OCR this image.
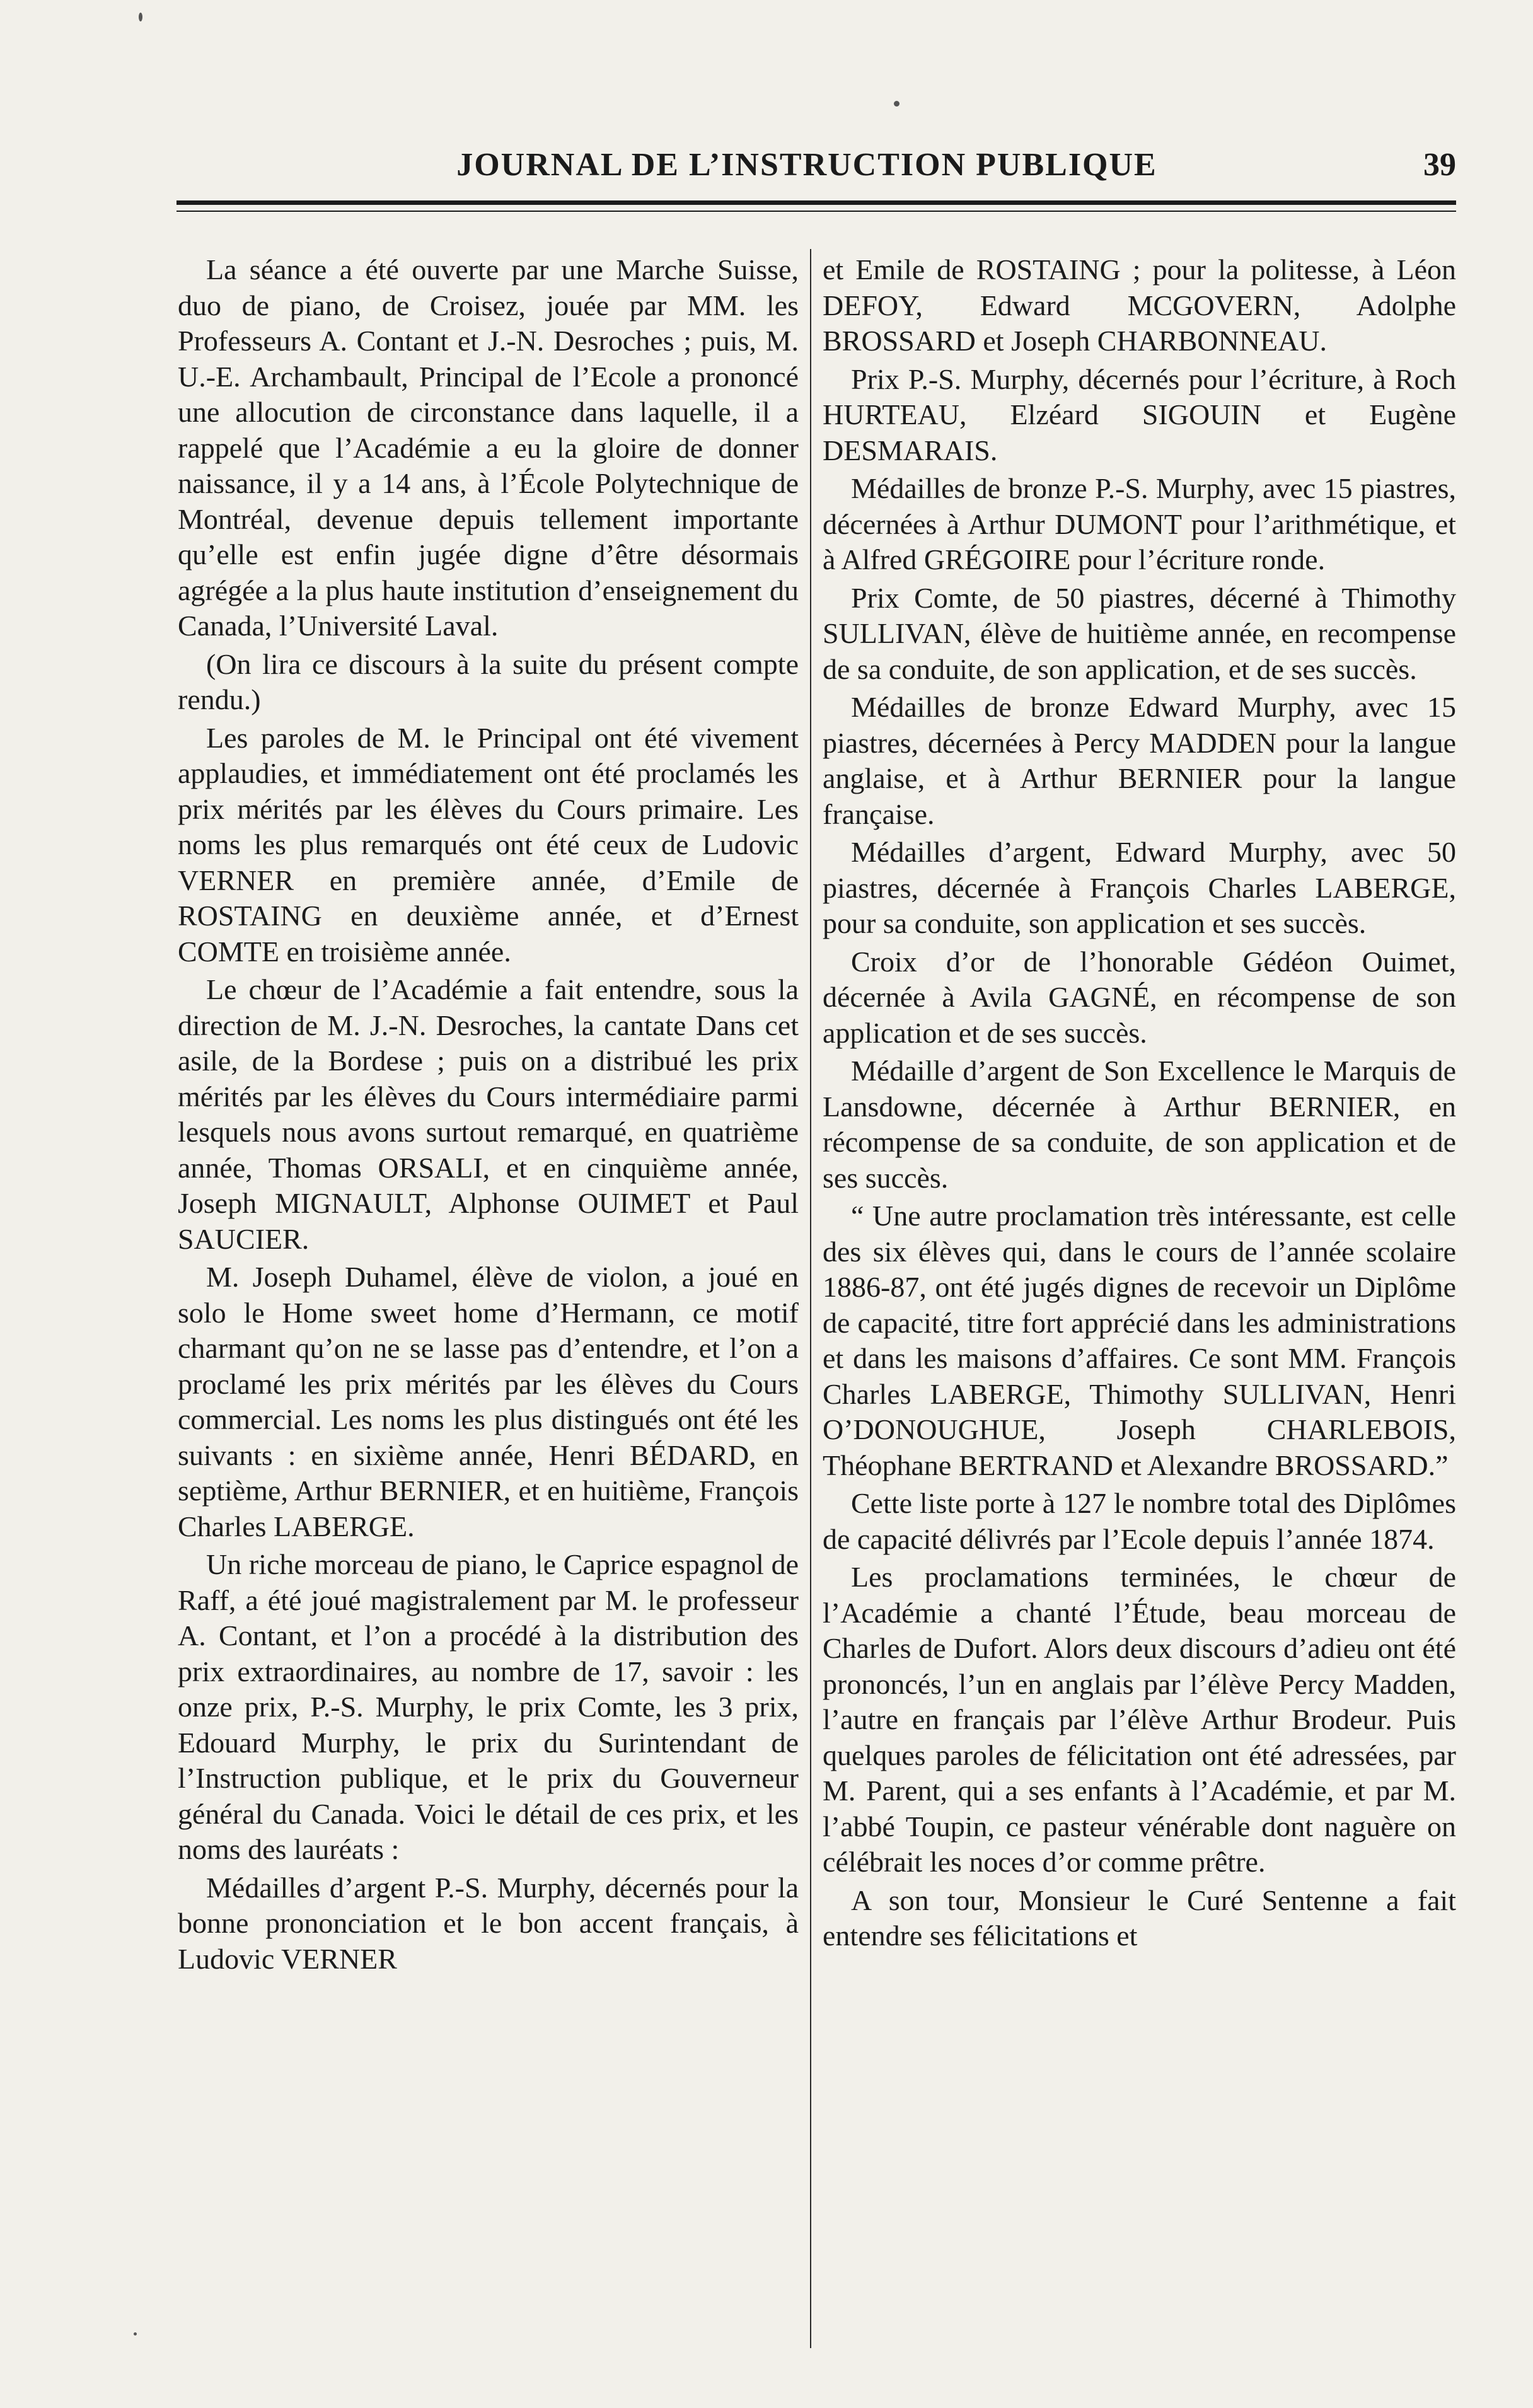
JOURNAL DE L’INSTRUCTION PUBLIQUE	39

La séance a été ouverte par une Marche Suisse, duo de piano, de Croisez, jouée par MM. les Professeurs A. Contant et J.-N. Desroches ; puis, M. U.-E. Archambault, Principal de l’Ecole a prononcé une allocution de circonstance dans laquelle, il a rappelé que l’Académie a eu la gloire de donner naissance, il y a 14 ans, à l’École Polytechnique de Montréal, devenue depuis tellement importante qu’elle est enfin jugée digne d’être désormais agrégée a la plus haute institution d’enseignement du Canada, l’Université Laval.

(On lira ce discours à la suite du présent compte rendu.)

Les paroles de M. le Principal ont été vivement applaudies, et immédiatement ont été proclamés les prix mérités par les élèves du Cours primaire. Les noms les plus remarqués ont été ceux de Ludovic VERNER en première année, d’Emile de ROSTAING en deuxième année, et d’Ernest COMTE en troisième année.

Le chœur de l’Académie a fait entendre, sous la direction de M. J.-N. Desroches, la cantate Dans cet asile, de la Bordese ; puis on a distribué les prix mérités par les élèves du Cours intermédiaire parmi lesquels nous avons surtout remarqué, en quatrième année, Thomas ORSALI, et en cinquième année, Joseph MIGNAULT, Alphonse OUIMET et Paul SAUCIER.

M. Joseph Duhamel, élève de violon, a joué en solo le Home sweet home d’Hermann, ce motif charmant qu’on ne se lasse pas d’entendre, et l’on a proclamé les prix mérités par les élèves du Cours commercial. Les noms les plus distingués ont été les suivants : en sixième année, Henri BÉDARD, en septième, Arthur BERNIER, et en huitième, François Charles LABERGE.

Un riche morceau de piano, le Caprice espagnol de Raff, a été joué magistralement par M. le professeur A. Contant, et l’on a procédé à la distribution des prix extraordinaires, au nombre de 17, savoir : les onze prix, P.-S. Murphy, le prix Comte, les 3 prix, Edouard Murphy, le prix du Surintendant de l’Instruction publique, et le prix du Gouverneur général du Canada. Voici le détail de ces prix, et les noms des lauréats :

Médailles d’argent P.-S. Murphy, décernés pour la bonne prononciation et le bon accent français, à Ludovic VERNER

et Emile de ROSTAING ; pour la politesse, à Léon DEFOY, Edward MCGOVERN, Adolphe BROSSARD et Joseph CHARBONNEAU.

Prix P.-S. Murphy, décernés pour l’écriture, à Roch HURTEAU, Elzéard SIGOUIN et Eugène DESMARAIS.

Médailles de bronze P.-S. Murphy, avec 15 piastres, décernées à Arthur DUMONT pour l’arithmétique, et à Alfred GRÉGOIRE pour l’écriture ronde.

Prix Comte, de 50 piastres, décerné à Thimothy SULLIVAN, élève de huitième année, en recompense de sa conduite, de son application, et de ses succès.

Médailles de bronze Edward Murphy, avec 15 piastres, décernées à Percy MADDEN pour la langue anglaise, et à Arthur BERNIER pour la langue française.

Médailles d’argent, Edward Murphy, avec 50 piastres, décernée à François Charles LABERGE, pour sa conduite, son application et ses succès.

Croix d’or de l’honorable Gédéon Ouimet, décernée à Avila GAGNÉ, en récompense de son application et de ses succès.

Médaille d’argent de Son Excellence le Marquis de Lansdowne, décernée à Arthur BERNIER, en récompense de sa conduite, de son application et de ses succès.

“ Une autre proclamation très intéressante, est celle des six élèves qui, dans le cours de l’année scolaire 1886-87, ont été jugés dignes de recevoir un Diplôme de capacité, titre fort apprécié dans les administrations et dans les maisons d’affaires. Ce sont MM. François Charles LABERGE, Thimothy SULLIVAN, Henri O’DONOUGHUE, Joseph CHARLEBOIS, Théophane BERTRAND et Alexandre BROSSARD.”

Cette liste porte à 127 le nombre total des Diplômes de capacité délivrés par l’Ecole depuis l’année 1874.

Les proclamations terminées, le chœur de l’Académie a chanté l’Étude, beau morceau de Charles de Dufort. Alors deux discours d’adieu ont été prononcés, l’un en anglais par l’élève Percy Madden, l’autre en français par l’élève Arthur Brodeur. Puis quelques paroles de félicitation ont été adressées, par M. Parent, qui a ses enfants à l’Académie, et par M. l’abbé Toupin, ce pasteur vénérable dont naguère on célébrait les noces d’or comme prêtre.

A son tour, Monsieur le Curé Sentenne a fait entendre ses félicitations et
